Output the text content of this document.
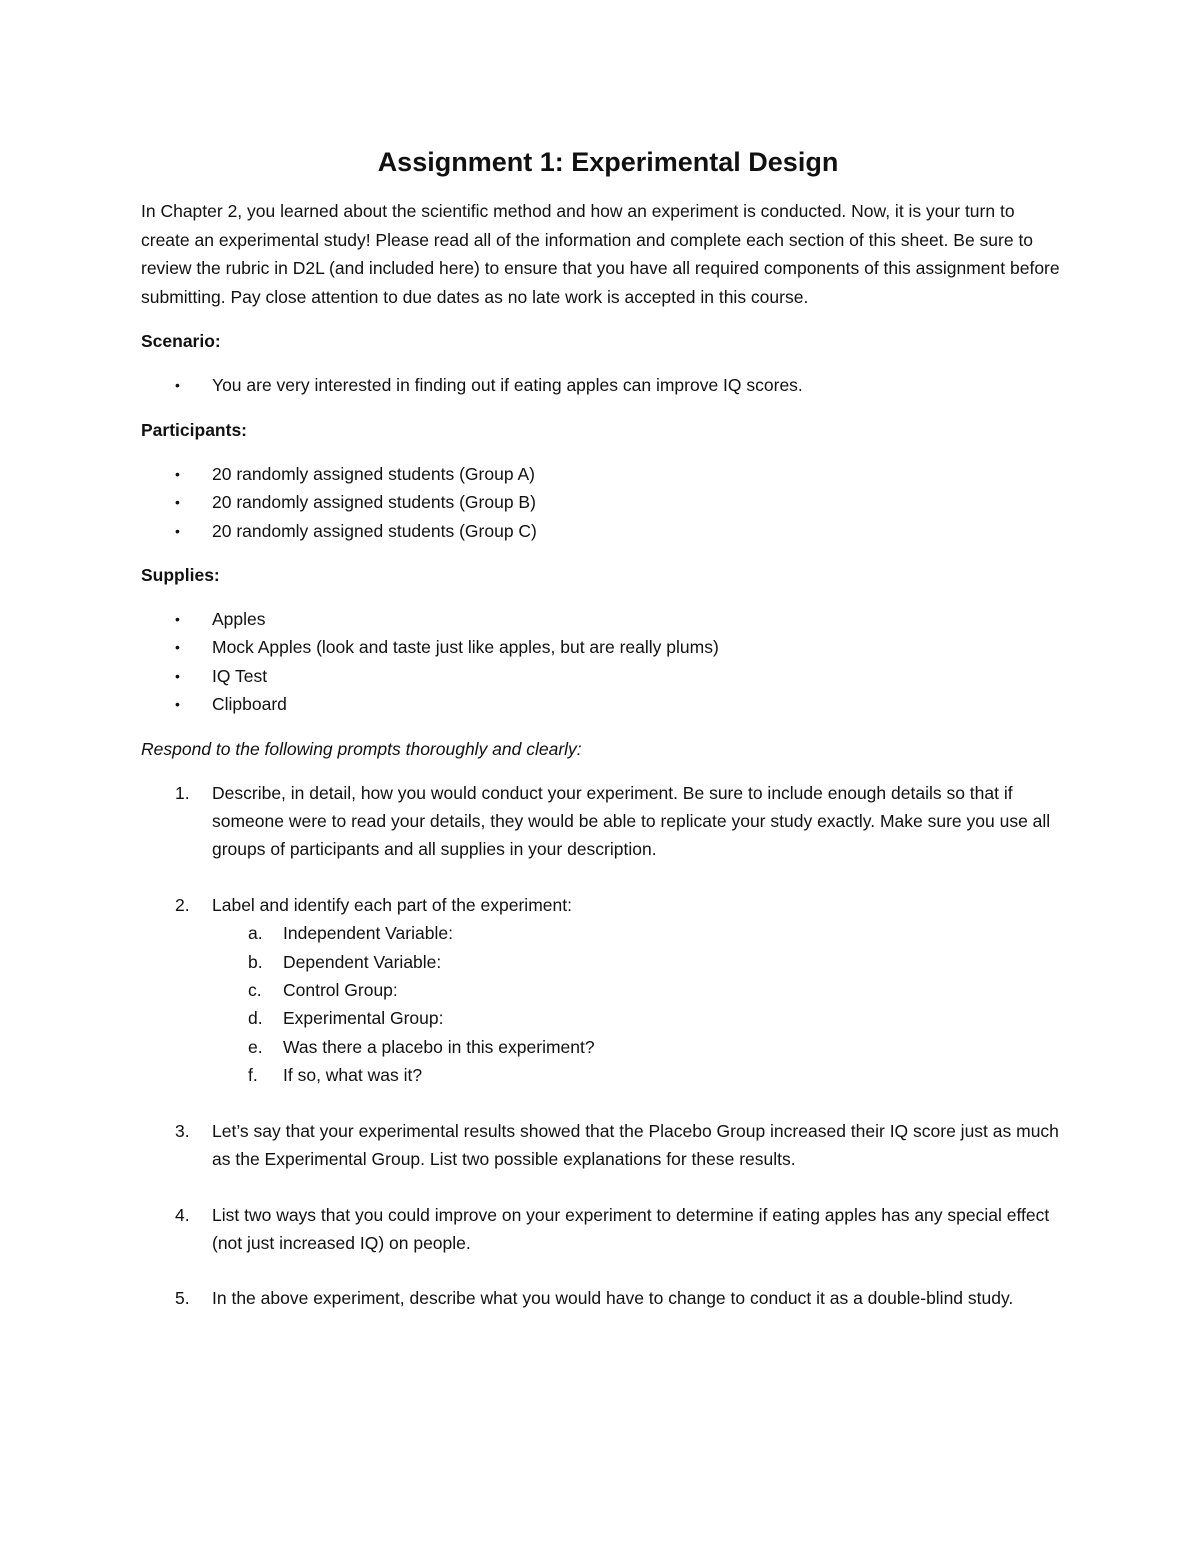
Assignment 1: Experimental Design

In Chapter 2, you learned about the scientific method and how an experiment is conducted. Now, it is your turn to create an experimental study! Please read all of the information and complete each section of this sheet. Be sure to review the rubric in D2L (and included here) to ensure that you have all required components of this assignment before submitting. Pay close attention to due dates as no late work is accepted in this course.

Scenario:
• You are very interested in finding out if eating apples can improve IQ scores.
Participants:
• 20 randomly assigned students (Group A)
• 20 randomly assigned students (Group B)
• 20 randomly assigned students (Group C)
Supplies:
• Apples
• Mock Apples (look and taste just like apples, but are really plums)
• IQ Test
• Clipboard

Respond to the following prompts thoroughly and clearly:

1. Describe, in detail, how you would conduct your experiment. Be sure to include enough details so that if someone were to read your details, they would be able to replicate your study exactly. Make sure you use all groups of participants and all supplies in your description.
2. Label and identify each part of the experiment:
a. Independent Variable:
b. Dependent Variable:
c. Control Group:
d. Experimental Group:
e. Was there a placebo in this experiment?
f. If so, what was it?
3. Let’s say that your experimental results showed that the Placebo Group increased their IQ score just as much as the Experimental Group. List two possible explanations for these results.
4. List two ways that you could improve on your experiment to determine if eating apples has any special effect (not just increased IQ) on people.
5. In the above experiment, describe what you would have to change to conduct it as a double-blind study.
